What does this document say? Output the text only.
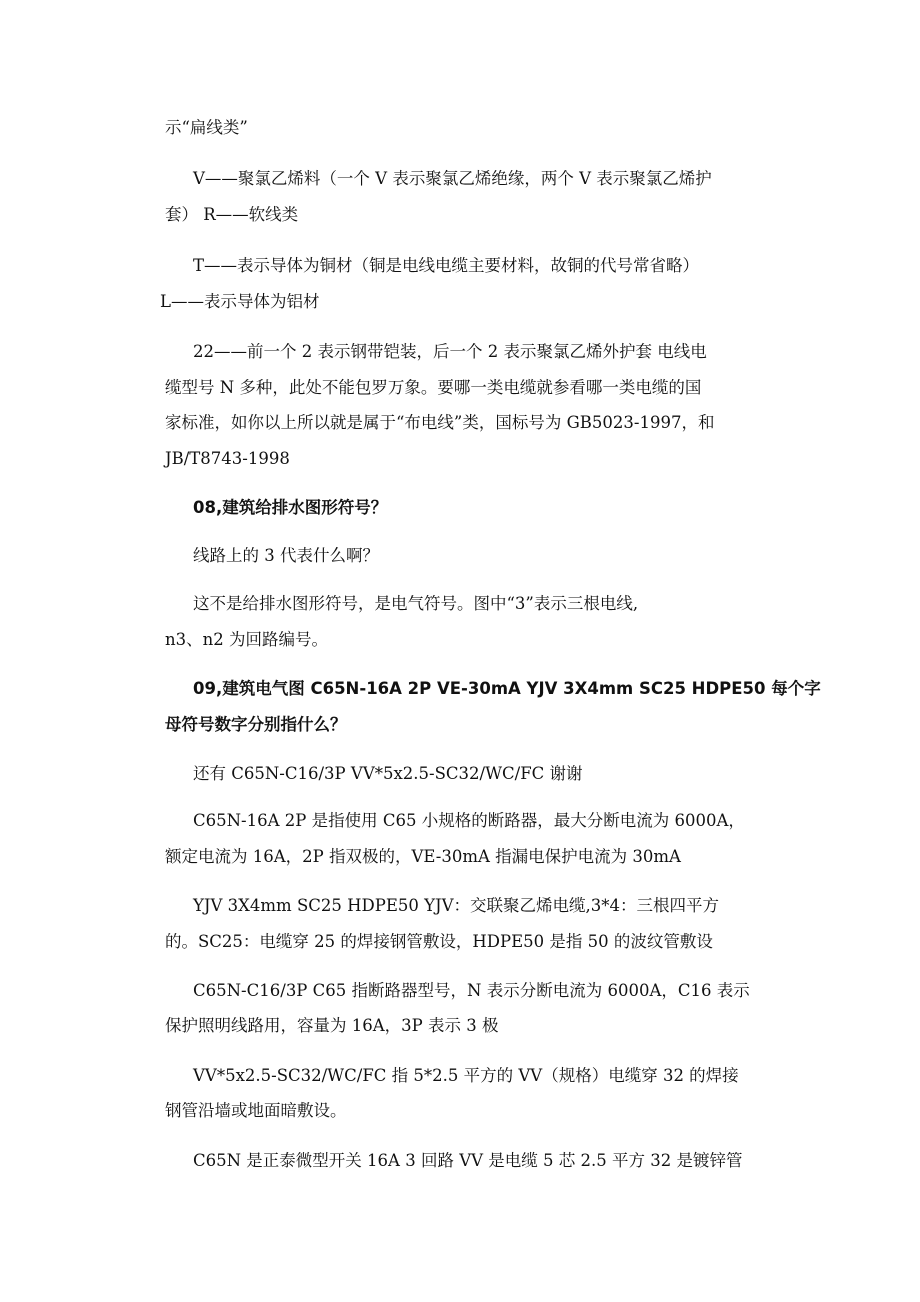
示“扁线类”
V——聚氯乙烯料（一个 V 表示聚氯乙烯绝缘，两个 V 表示聚氯乙烯护
套） R——软线类
T——表示导体为铜材（铜是电线电缆主要材料，故铜的代号常省略）
L——表示导体为铝材
22——前一个 2 表示钢带铠装，后一个 2 表示聚氯乙烯外护套 电线电
缆型号 N 多种，此处不能包罗万象。要哪一类电缆就参看哪一类电缆的国
家标准，如你以上所以就是属于“布电线”类，国标号为 GB5023-1997，和
JB/T8743-1998
08,建筑给排水图形符号？
线路上的 3 代表什么啊？
这不是给排水图形符号，是电气符号。图中“3”表示三根电线,
n3、n2 为回路编号。
09,建筑电气图 C65N-16A 2P VE-30mA YJV 3X4mm SC25 HDPE50 每个字
母符号数字分别指什么？
还有 C65N-C16/3P VV*5x2.5-SC32/WC/FC 谢谢
C65N-16A 2P 是指使用 C65 小规格的断路器，最大分断电流为 6000A，
额定电流为 16A，2P 指双极的，VE-30mA 指漏电保护电流为 30mA
YJV 3X4mm SC25 HDPE50 YJV：交联聚乙烯电缆,3*4：三根四平方
的。SC25：电缆穿 25 的焊接钢管敷设，HDPE50 是指 50 的波纹管敷设
C65N-C16/3P C65 指断路器型号，N 表示分断电流为 6000A，C16 表示
保护照明线路用，容量为 16A，3P 表示 3 极
VV*5x2.5-SC32/WC/FC 指 5*2.5 平方的 VV（规格）电缆穿 32 的焊接
钢管沿墙或地面暗敷设。
C65N 是正泰微型开关 16A 3 回路 VV 是电缆 5 芯 2.5 平方 32 是镀锌管
